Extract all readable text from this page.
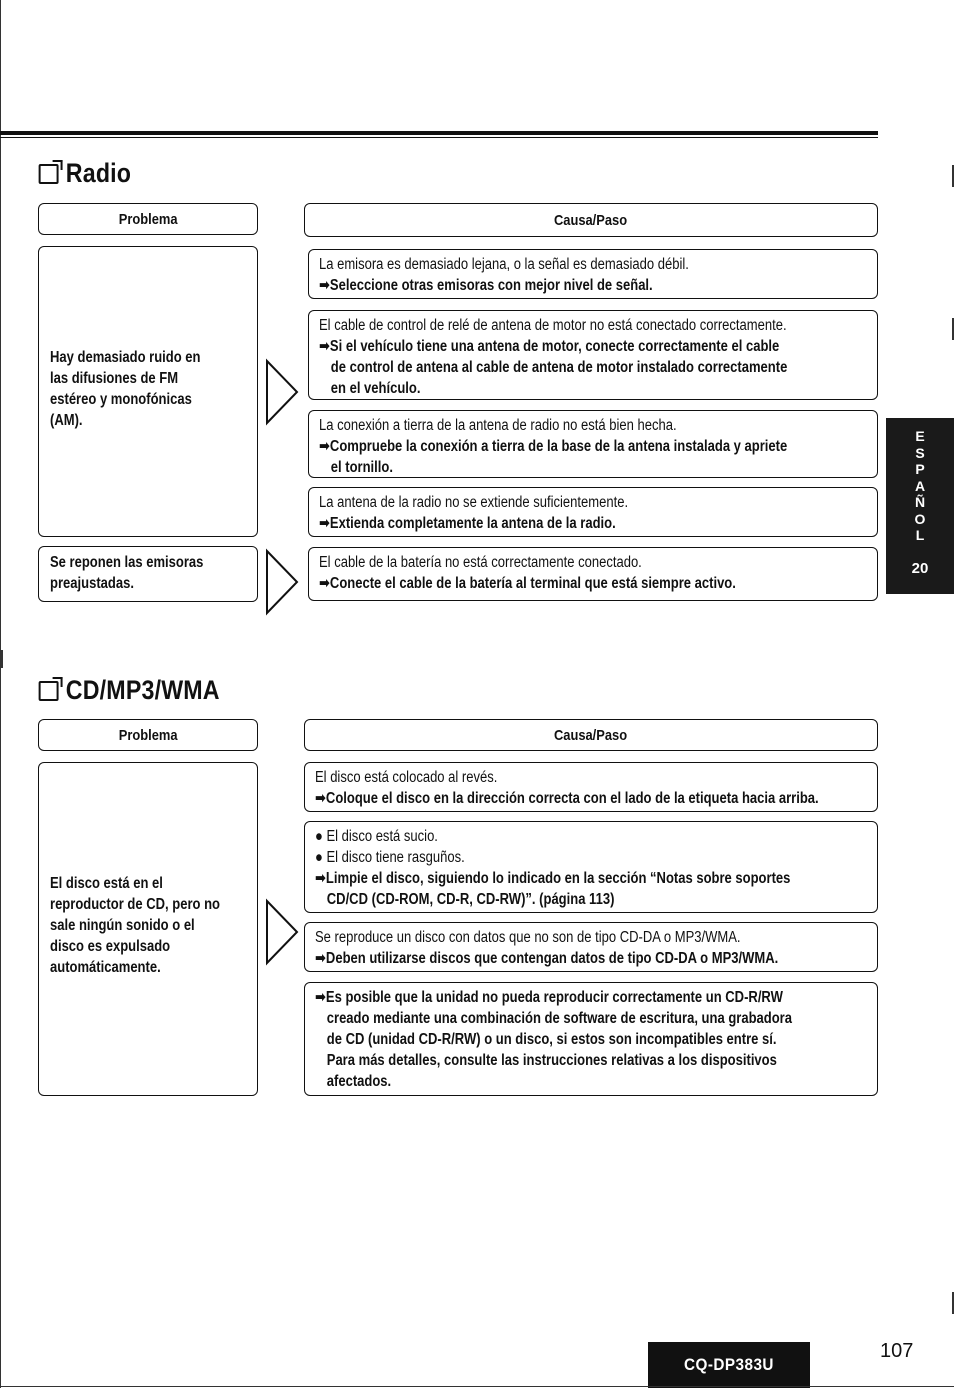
Radio
Problema	Causa/Paso
Hay demasiado ruido en
las difusiones de FM
estéreo y monofónicas
(AM).
Se reponen las emisoras
preajustadas.
La emisora es demasiado lejana, o la señal es demasiado débil.
➡Seleccione otras emisoras con mejor nivel de señal.
El cable de control de relé de antena de motor no está conectado correctamente.
➡Si el vehículo tiene una antena de motor, conecte correctamente el cable
de control de antena al cable de antena de motor instalado correctamente
en el vehículo.
La conexión a tierra de la antena de radio no está bien hecha.
➡Compruebe la conexión a tierra de la base de la antena instalada y apriete
el tornillo.
La antena de la radio no se extiende suficientemente.
➡Extienda completamente la antena de la radio.
El cable de la batería no está correctamente conectado.
➡Conecte el cable de la batería al terminal que está siempre activo.
CD/MP3/WMA
Problema	Causa/Paso
El disco está en el
reproductor de CD, pero no
sale ningún sonido o el
disco es expulsado
automáticamente.
El disco está colocado al revés.
➡Coloque el disco en la dirección correcta con el lado de la etiqueta hacia arriba.
● El disco está sucio.
● El disco tiene rasguños.
➡Limpie el disco, siguiendo lo indicado en la sección “Notas sobre soportes
CD/CD (CD-ROM, CD-R, CD-RW)”. (página 113)
Se reproduce un disco con datos que no son de tipo CD-DA o MP3/WMA.
➡Deben utilizarse discos que contengan datos de tipo CD-DA o MP3/WMA.
➡Es posible que la unidad no pueda reproducir correctamente un CD-R/RW
creado mediante una combinación de software de escritura, una grabadora
de CD (unidad CD-R/RW) o un disco, si estos son incompatibles entre sí.
Para más detalles, consulte las instrucciones relativas a los dispositivos
afectados.
E
S
P
A
Ñ
O
L
20
CQ-DP383U
107
